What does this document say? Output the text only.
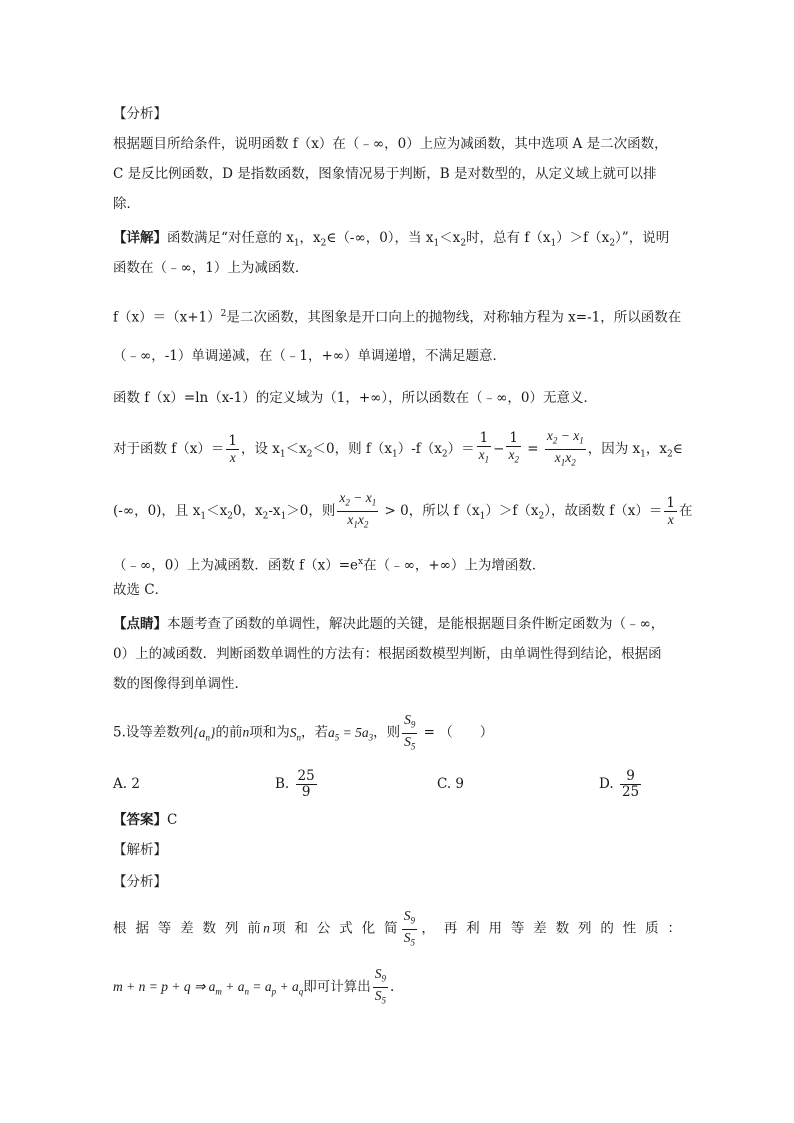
【分析】
根据题目所给条件，说明函数 f（x）在（﹣∞，0）上应为减函数，其中选项 A 是二次函数，
C 是反比例函数，D 是指数函数，图象情况易于判断，B 是对数型的，从定义域上就可以排
除．
【详解】函数满足“对任意的 $x_1$，$x_2\in(-\infty$，0），当 $x_1<x_2$时，总有 $f(x_1)>f(x_2)$”，说明
函数在（﹣∞，1）上为减函数．
$f(x)=(x+1)^2$是二次函数，其图象是开口向上的抛物线，对称轴方程为 x=-1，所以函数在
（﹣∞，-1）单调递减，在（﹣1，+∞）单调递增，不满足题意．
函数 f（x）=ln（x-1）的定义域为（1，+∞），所以函数在（﹣∞，0）无意义．
对于函数 $f(x)= \frac{1}{x}$ ，设 $x_1<x_2<0$，则 $f(x_1)-f(x_2)= \frac{1}{x_1} - \frac{1}{x_2} = \frac{x_2 - x_1}{x_1x_2}$ ，因为 $x_1$，$x_2\in$
(-∞，0)，且 $x_1<x_20$，$x_2-x_1>0$，则 $\frac{x_2 - x_1}{x_1x_2} > 0$，所以 $f(x_1)>f(x_2)$，故函数 $f(x)= \frac{1}{x}$ 在
（﹣∞，0）上为减函数．函数 $f(x)=e^x$在（﹣∞，+∞）上为增函数．
故选 C．
【点睛】本题考查了函数的单调性，解决此题的关键，是能根据题目条件断定函数为（﹣∞，
0）上的减函数．判断函数单调性的方法有：根据函数模型判断，由单调性得到结论，根据函
数的图像得到单调性.
5.设等差数列$\{a_n\}$的前n项和为$S_n$，若$a_5 = 5a_3$，则 $\frac{S_9}{S_5}$ = （　　）
A. 2	B. $\frac{25}{9}$	C. 9	D. $\frac{9}{25}$
【答案】C
【解析】
【分析】
根 据 等 差 数 列 前n项 和 公 式 化 简 $\frac{S_9}{S_5}$ ， 再 利 用 等 差 数 列 的 性 质 ：
m + n = p + q ⇒ $a_m + a_n = a_p + a_q$即可计算出 $\frac{S_9}{S_5}$ .
